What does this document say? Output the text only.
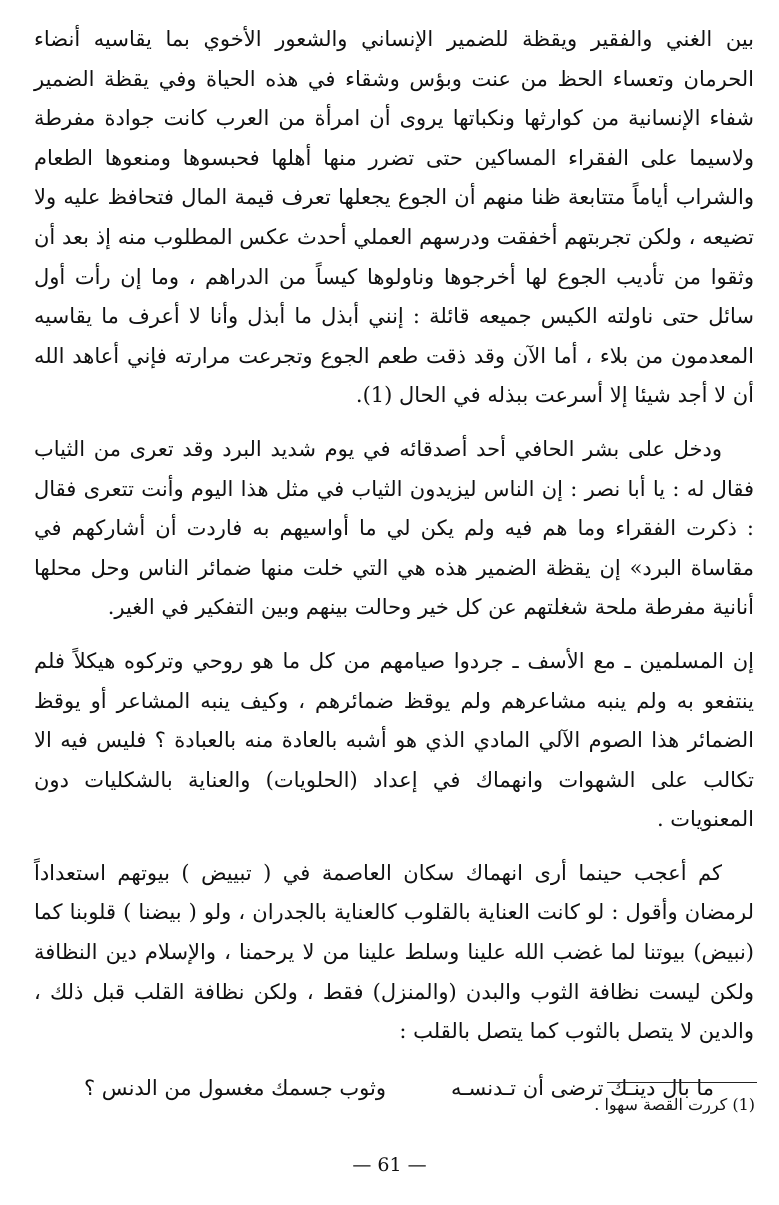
بين الغني والفقير ويقظة للضمير الإنساني والشعور الأخوي بما يقاسيه أنضاء الحرمان وتعساء الحظ من عنت وبؤس وشقاء في هذه الحياة وفي يقظة الضمير شفاء الإنسانية من كوارثها ونكباتها يروى أن امرأة من العرب كانت جوادة مفرطة ولاسيما على الفقراء المساكين حتى تضرر منها أهلها فحبسوها ومنعوها الطعام والشراب أياماً متتابعة ظنا منهم أن الجوع يجعلها تعرف قيمة المال فتحافظ عليه ولا تضيعه ، ولكن تجربتهم أخفقت ودرسهم العملي أحدث عكس المطلوب منه إذ بعد أن وثقوا من تأديب الجوع لها أخرجوها وناولوها كيساً من الدراهم ، وما إن رأت أول سائل حتى ناولته الكيس جميعه قائلة : إنني أبذل ما أبذل وأنا لا أعرف ما يقاسيه المعدمون من بلاء ، أما الآن وقد ذقت طعم الجوع وتجرعت مرارته فإني أعاهد الله أن لا أجد شيئا إلا أسرعت ببذله في الحال (1).

ودخل على بشر الحافي أحد أصدقائه في يوم شديد البرد وقد تعرى من الثياب فقال له : يا أبا نصر : إن الناس ليزيدون الثياب في مثل هذا اليوم وأنت تتعرى فقال : ذكرت الفقراء وما هم فيه ولم يكن لي ما أواسيهم به فاردت أن أشاركهم في مقاساة البرد» إن يقظة الضمير هذه هي التي خلت منها ضمائر الناس وحل محلها أنانية مفرطة ملحة شغلتهم عن كل خير وحالت بينهم وبين التفكير في الغير.

إن المسلمين ـ مع الأسف ـ جردوا صيامهم من كل ما هو روحي وتركوه هيكلاً فلم ينتفعو به ولم ينبه مشاعرهم ولم يوقظ ضمائرهم ، وكيف ينبه المشاعر أو يوقظ الضمائر هذا الصوم الآلي المادي الذي هو أشبه بالعادة منه بالعبادة ؟ فليس فيه الا تكالب على الشهوات وانهماك في إعداد (الحلويات) والعناية بالشكليات دون المعنويات .

كم أعجب حينما أرى انهماك سكان العاصمة في ( تبييض ) بيوتهم استعداداً لرمضان وأقول : لو كانت العناية بالقلوب كالعناية بالجدران ، ولو ( بيضنا ) قلوبنا كما (نبيض) بيوتنا لما غضب الله علينا وسلط علينا من لا يرحمنا ، والإسلام دين النظافة ولكن ليست نظافة الثوب والبدن (والمنزل) فقط ، ولكن نظافة القلب قبل ذلك ، والدين لا يتصل بالثوب كما يتصل بالقلب :

ما بال دينـك ترضى أن تـدنسـه
وثوب جسمك مغسول من الدنس ؟
(1) كررت القصة سهوا .
— 61 —
